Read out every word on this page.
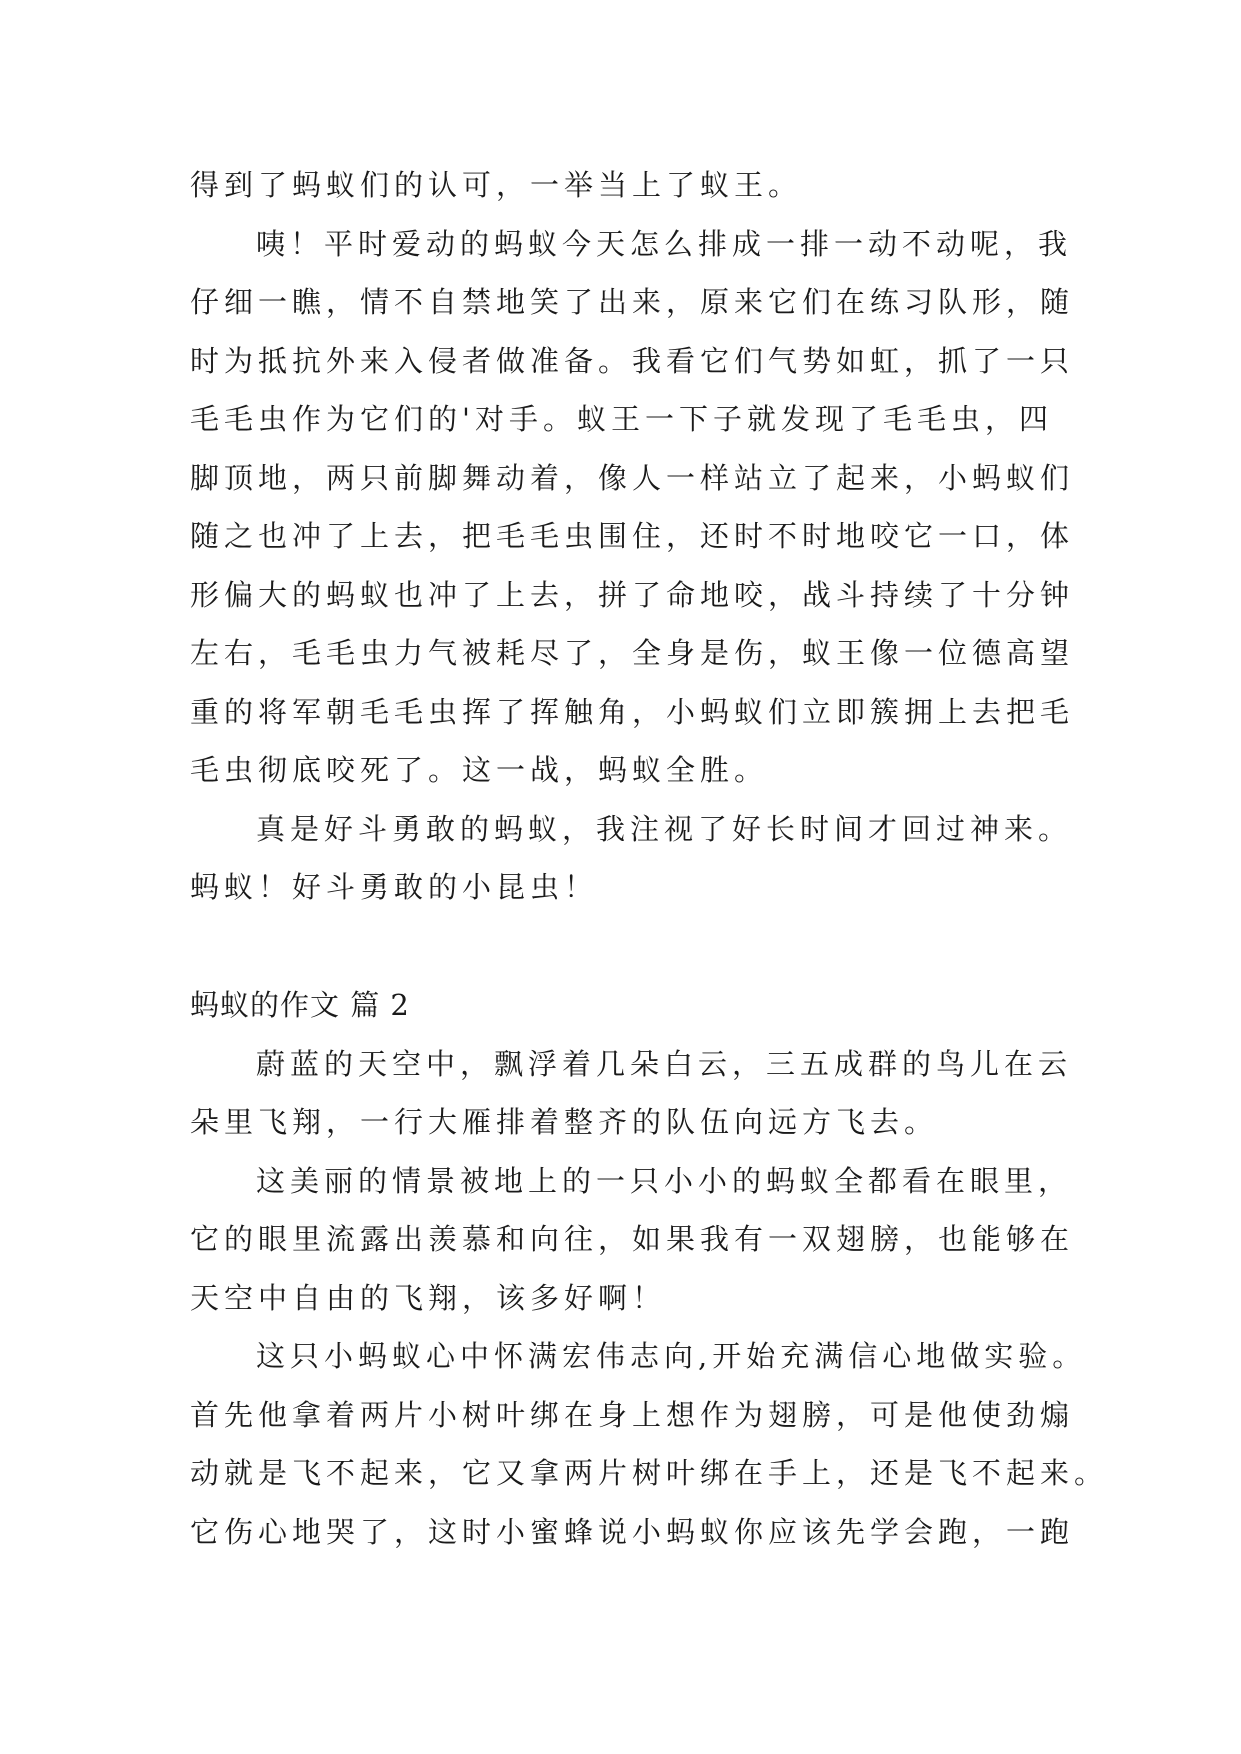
得到了蚂蚁们的认可，一举当上了蚁王。
咦！平时爱动的蚂蚁今天怎么排成一排一动不动呢，我
仔细一瞧，情不自禁地笑了出来，原来它们在练习队形，随
时为抵抗外来入侵者做准备。我看它们气势如虹，抓了一只
毛毛虫作为它们的'对手。蚁王一下子就发现了毛毛虫，四
脚顶地，两只前脚舞动着，像人一样站立了起来，小蚂蚁们
随之也冲了上去，把毛毛虫围住，还时不时地咬它一口，体
形偏大的蚂蚁也冲了上去，拼了命地咬，战斗持续了十分钟
左右，毛毛虫力气被耗尽了，全身是伤，蚁王像一位德高望
重的将军朝毛毛虫挥了挥触角，小蚂蚁们立即簇拥上去把毛
毛虫彻底咬死了。这一战，蚂蚁全胜。
真是好斗勇敢的蚂蚁，我注视了好长时间才回过神来。
蚂蚁！好斗勇敢的小昆虫！
蚂蚁的作文 篇 2
蔚蓝的天空中，飘浮着几朵白云，三五成群的鸟儿在云
朵里飞翔，一行大雁排着整齐的队伍向远方飞去。
这美丽的情景被地上的一只小小的蚂蚁全都看在眼里，
它的眼里流露出羡慕和向往，如果我有一双翅膀，也能够在
天空中自由的飞翔，该多好啊！
这只小蚂蚁心中怀满宏伟志向,开始充满信心地做实验。
首先他拿着两片小树叶绑在身上想作为翅膀，可是他使劲煽
动就是飞不起来，它又拿两片树叶绑在手上，还是飞不起来。
它伤心地哭了，这时小蜜蜂说小蚂蚁你应该先学会跑，一跑
